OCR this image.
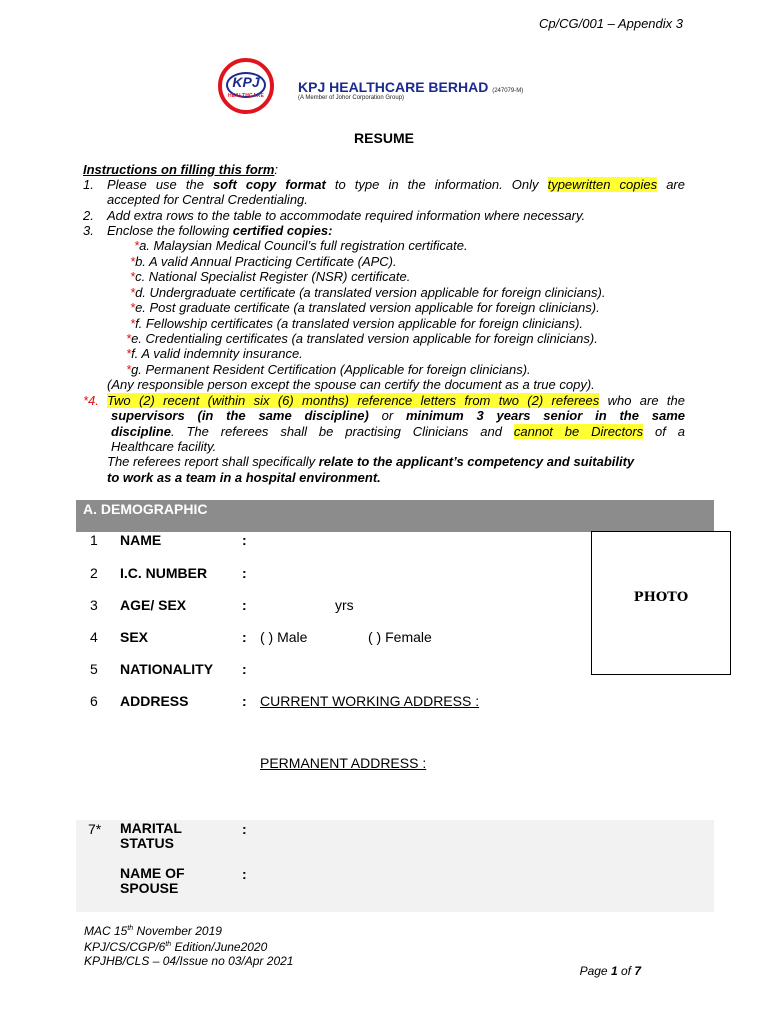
Cp/CG/001 – Appendix 3
KPJ
HEALTHCARE
KPJ HEALTHCARE BERHAD (247079-M)
(A Member of Johor Corporation Group)
RESUME
Instructions on filling this form:
1. Please use the soft copy format to type in the information. Only typewritten copies are
accepted for Central Credentialing.
2. Add extra rows to the table to accommodate required information where necessary.
3. Enclose the following certified copies:
*a. Malaysian Medical Council’s full registration certificate.
*b. A valid Annual Practicing Certificate (APC).
*c. National Specialist Register (NSR) certificate.
*d. Undergraduate certificate (a translated version applicable for foreign clinicians).
*e. Post graduate certificate (a translated version applicable for foreign clinicians).
*f. Fellowship certificates (a translated version applicable for foreign clinicians).
*e. Credentialing certificates (a translated version applicable for foreign clinicians).
*f. A valid indemnity insurance.
*g. Permanent Resident Certification (Applicable for foreign clinicians).
(Any responsible person except the spouse can certify the document as a true copy).
*4. Two (2) recent (within six (6) months) reference letters from two (2) referees who are the
supervisors (in the same discipline) or minimum 3 years senior in the same
discipline. The referees shall be practising Clinicians and cannot be Directors of a
Healthcare facility.
The referees report shall specifically relate to the applicant’s competency and suitability
to work as a team in a hospital environment.
A. DEMOGRAPHIC
PHOTO
1 NAME	:
2 I.C. NUMBER :
3 AGE/ SEX	:	yrs
4 SEX	: ( ) Male	( ) Female
5 NATIONALITY :
6 ADDRESS	: CURRENT WORKING ADDRESS :
PERMANENT ADDRESS :
7* MARITAL
STATUS
:
NAME OF
SPOUSE
:
MAC 15th November 2019
KPJ/CS/CGP/6th Edition/June2020
KPJHB/CLS – 04/Issue no 03/Apr 2021
Page 1 of 7
